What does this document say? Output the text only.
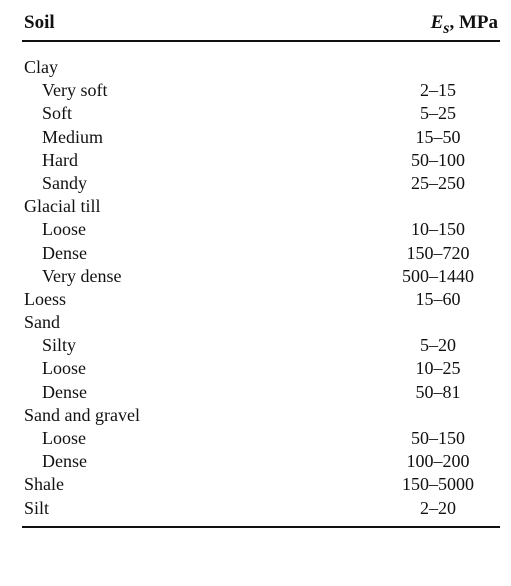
Soil	$E_s$, MPa
Clay
Very soft	2–15
Soft	5–25
Medium	15–50
Hard	50–100
Sandy	25–250
Glacial till
Loose	10–150
Dense	150–720
Very dense	500–1440
Loess	15–60
Sand
Silty	5–20
Loose	10–25
Dense	50–81
Sand and gravel
Loose	50–150
Dense	100–200
Shale	150–5000
Silt	2–20
